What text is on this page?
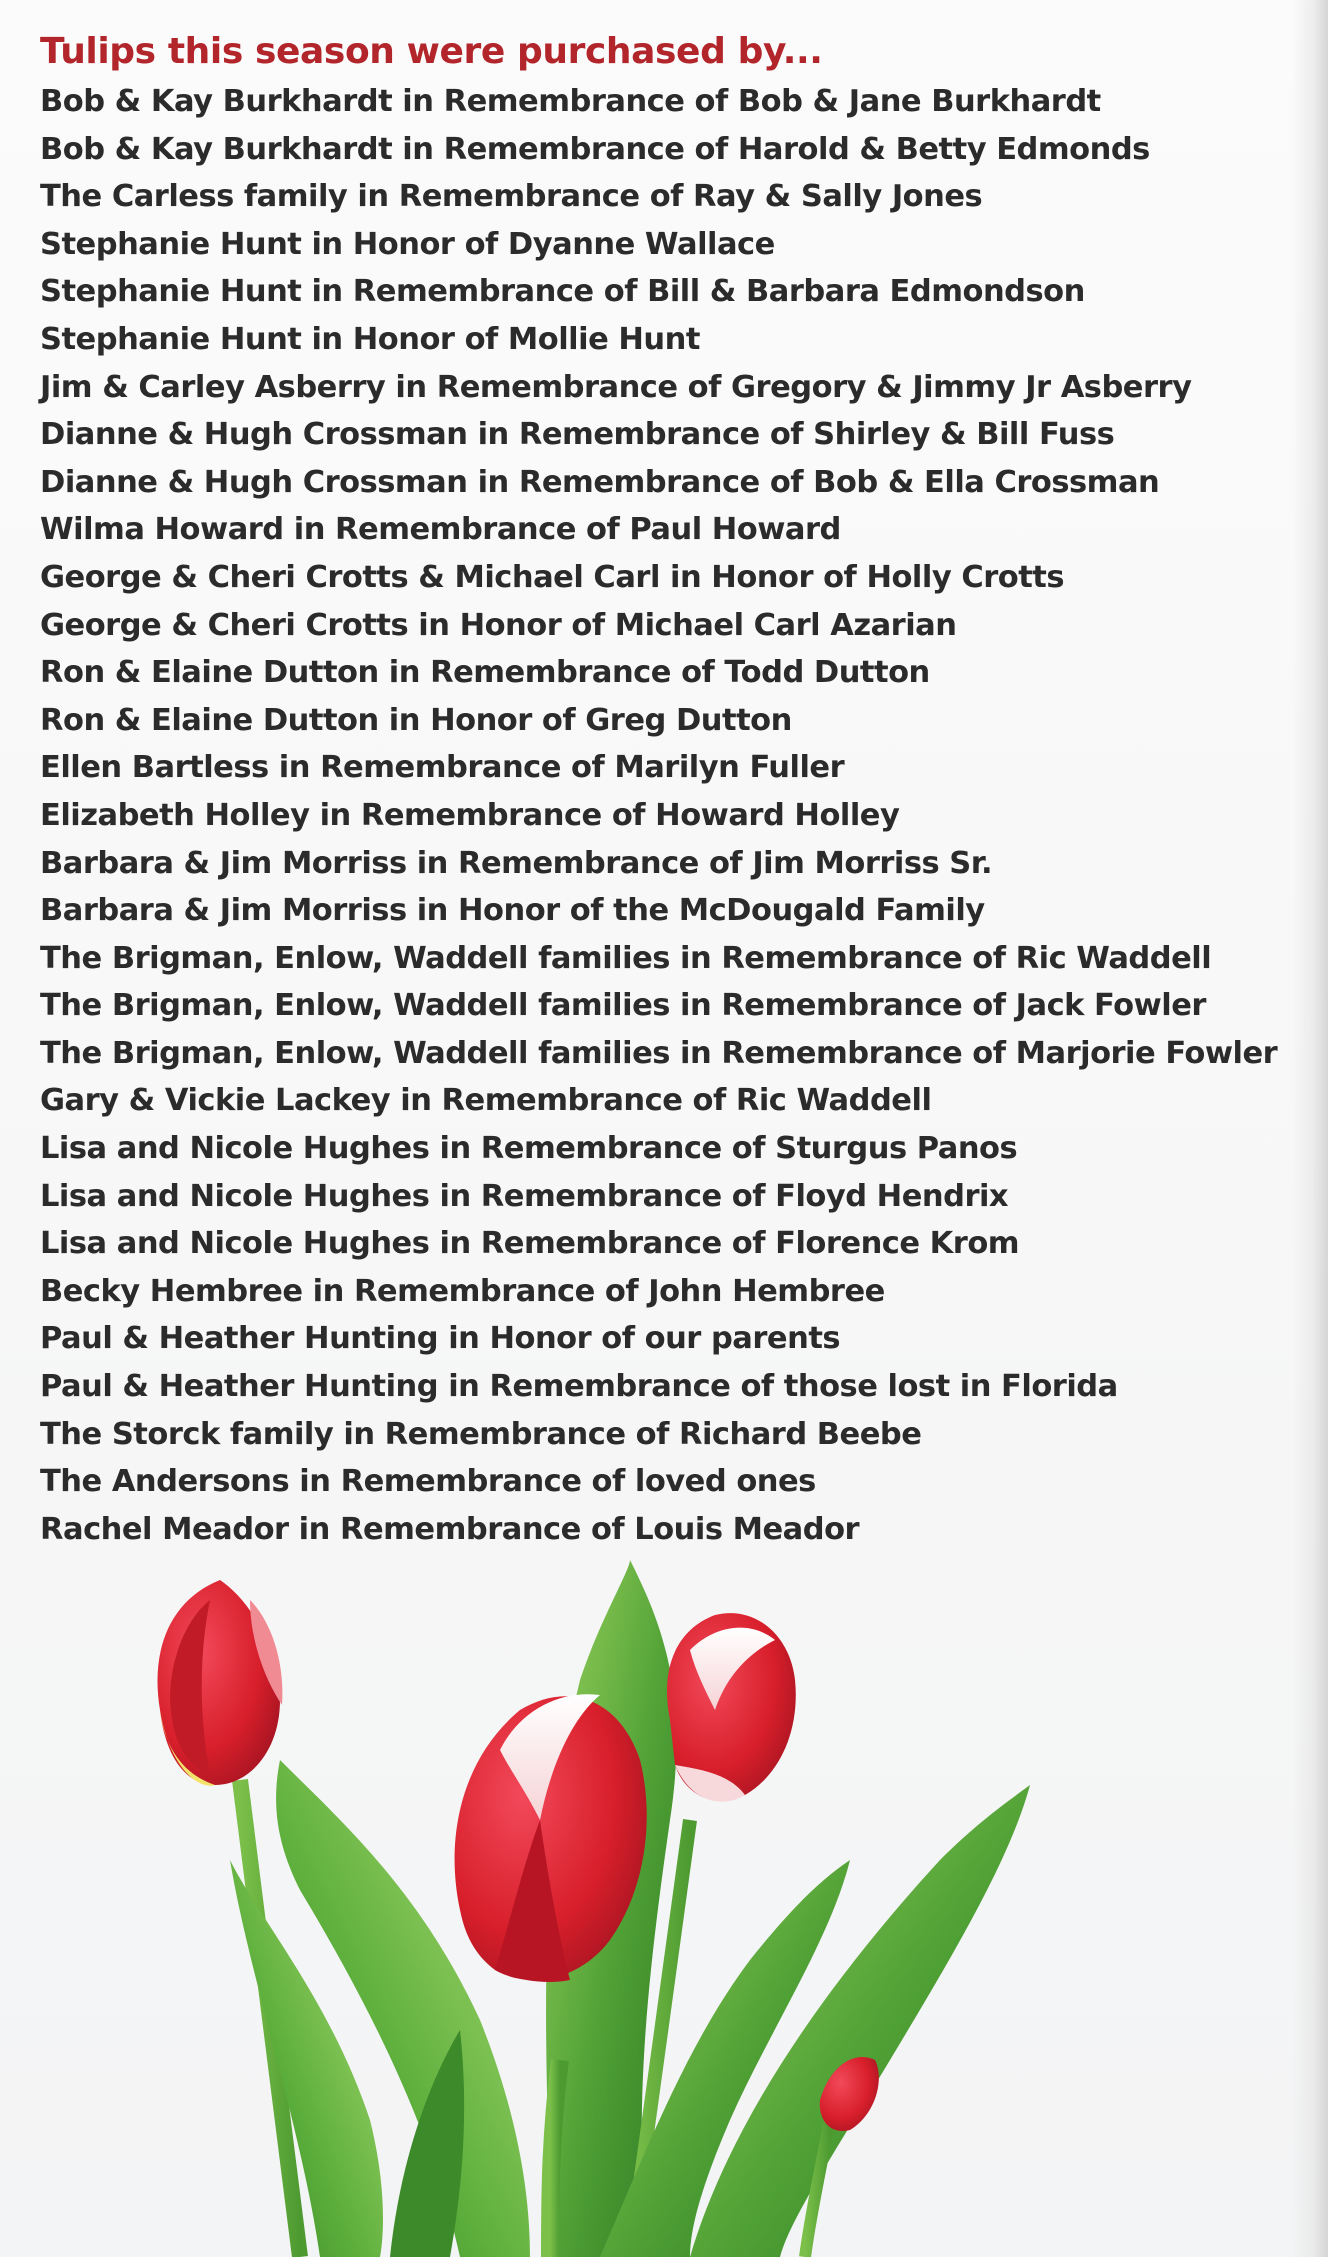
Tulips this season were purchased by...
Bob & Kay Burkhardt in Remembrance of Bob & Jane Burkhardt
Bob & Kay Burkhardt in Remembrance of Harold & Betty Edmonds
The Carless family in Remembrance of Ray & Sally Jones
Stephanie Hunt in Honor of Dyanne Wallace
Stephanie Hunt in Remembrance of Bill & Barbara Edmondson
Stephanie Hunt in Honor of Mollie Hunt
Jim & Carley Asberry in Remembrance of Gregory & Jimmy Jr Asberry
Dianne & Hugh Crossman in Remembrance of Shirley & Bill Fuss
Dianne & Hugh Crossman in Remembrance of Bob & Ella Crossman
Wilma Howard in Remembrance of Paul Howard
George & Cheri Crotts & Michael Carl in Honor of Holly Crotts
George & Cheri Crotts in Honor of Michael Carl Azarian
Ron & Elaine Dutton in Remembrance of Todd Dutton
Ron & Elaine Dutton in Honor of Greg Dutton
Ellen Bartless in Remembrance of Marilyn Fuller
Elizabeth Holley in Remembrance of Howard Holley
Barbara & Jim Morriss in Remembrance of Jim Morriss Sr.
Barbara & Jim Morriss in Honor of the McDougald Family
The Brigman, Enlow, Waddell families in Remembrance of Ric Waddell
The Brigman, Enlow, Waddell families in Remembrance of Jack Fowler
The Brigman, Enlow, Waddell families in Remembrance of Marjorie Fowler
Gary & Vickie Lackey in Remembrance of Ric Waddell
Lisa and Nicole Hughes in Remembrance of Sturgus Panos
Lisa and Nicole Hughes in Remembrance of Floyd Hendrix
Lisa and Nicole Hughes in Remembrance of Florence Krom
Becky Hembree in Remembrance of John Hembree
Paul & Heather Hunting in Honor of our parents
Paul & Heather Hunting in Remembrance of those lost in Florida
The Storck family in Remembrance of Richard Beebe
The Andersons in Remembrance of loved ones
Rachel Meador in Remembrance of Louis Meador
